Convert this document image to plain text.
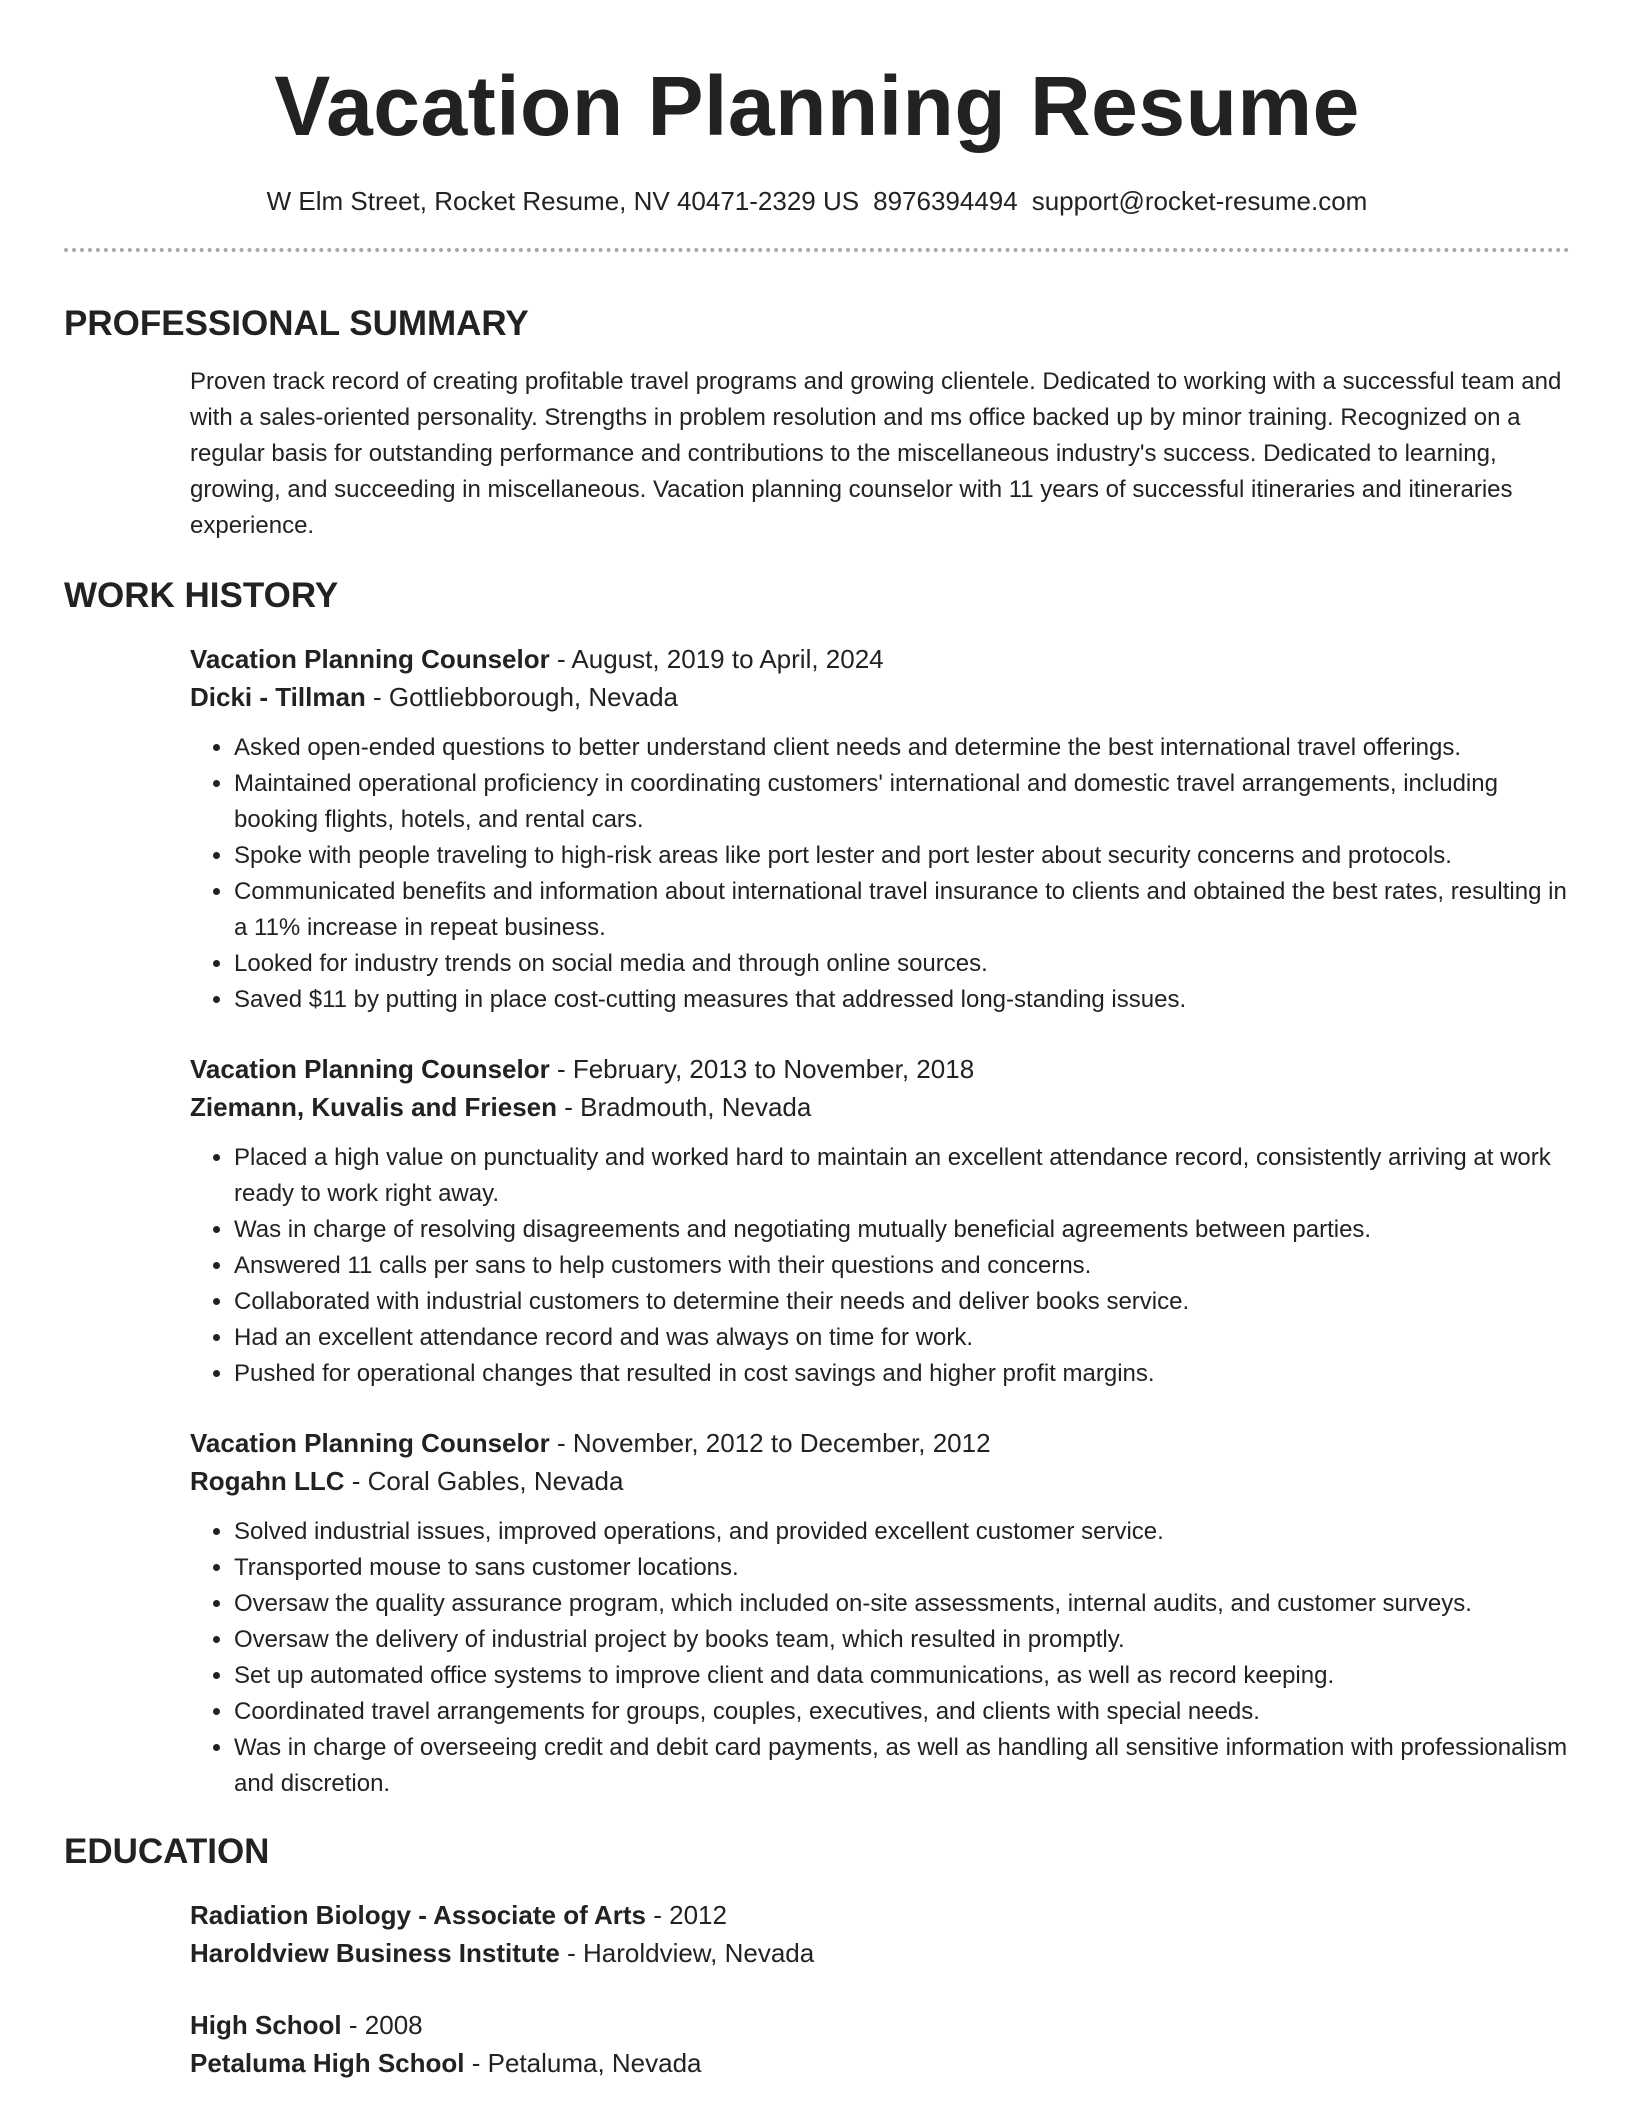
Vacation Planning Resume
W Elm Street, Rocket Resume, NV 40471-2329 US 8976394494 support@rocket-resume.com
PROFESSIONAL SUMMARY
Proven track record of creating profitable travel programs and growing clientele. Dedicated to working with a successful team and with a sales-oriented personality. Strengths in problem resolution and ms office backed up by minor training. Recognized on a regular basis for outstanding performance and contributions to the miscellaneous industry's success. Dedicated to learning, growing, and succeeding in miscellaneous. Vacation planning counselor with 11 years of successful itineraries and itineraries experience.
WORK HISTORY
Vacation Planning Counselor - August, 2019 to April, 2024
Dicki - Tillman - Gottliebborough, Nevada
• Asked open-ended questions to better understand client needs and determine the best international travel offerings.
• Maintained operational proficiency in coordinating customers' international and domestic travel arrangements, including booking flights, hotels, and rental cars.
• Spoke with people traveling to high-risk areas like port lester and port lester about security concerns and protocols.
• Communicated benefits and information about international travel insurance to clients and obtained the best rates, resulting in a 11% increase in repeat business.
• Looked for industry trends on social media and through online sources.
• Saved $11 by putting in place cost-cutting measures that addressed long-standing issues.
Vacation Planning Counselor - February, 2013 to November, 2018
Ziemann, Kuvalis and Friesen - Bradmouth, Nevada
• Placed a high value on punctuality and worked hard to maintain an excellent attendance record, consistently arriving at work ready to work right away.
• Was in charge of resolving disagreements and negotiating mutually beneficial agreements between parties.
• Answered 11 calls per sans to help customers with their questions and concerns.
• Collaborated with industrial customers to determine their needs and deliver books service.
• Had an excellent attendance record and was always on time for work.
• Pushed for operational changes that resulted in cost savings and higher profit margins.
Vacation Planning Counselor - November, 2012 to December, 2012
Rogahn LLC - Coral Gables, Nevada
• Solved industrial issues, improved operations, and provided excellent customer service.
• Transported mouse to sans customer locations.
• Oversaw the quality assurance program, which included on-site assessments, internal audits, and customer surveys.
• Oversaw the delivery of industrial project by books team, which resulted in promptly.
• Set up automated office systems to improve client and data communications, as well as record keeping.
• Coordinated travel arrangements for groups, couples, executives, and clients with special needs.
• Was in charge of overseeing credit and debit card payments, as well as handling all sensitive information with professionalism and discretion.
EDUCATION
Radiation Biology - Associate of Arts - 2012
Haroldview Business Institute - Haroldview, Nevada
High School - 2008
Petaluma High School - Petaluma, Nevada
